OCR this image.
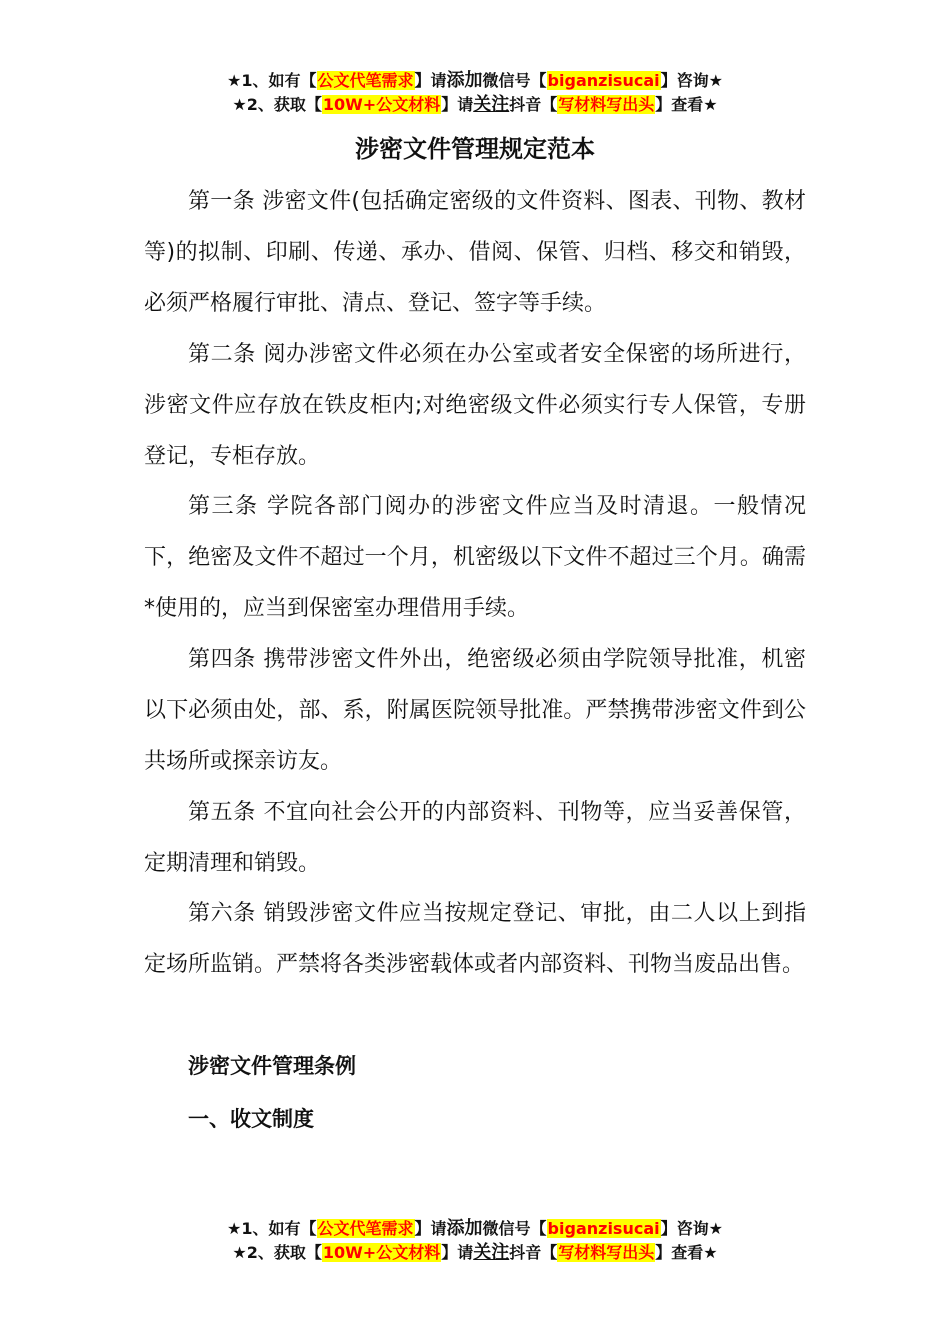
★1、如有【公文代笔需求】请添加微信号【biganzisucai】咨询★
★2、获取【10W+公文材料】请关注抖音【写材料写出头】查看★
涉密文件管理规定范本

第一条 涉密文件(包括确定密级的文件资料、图表、刊物、教材等)的拟制、印刷、传递、承办、借阅、保管、归档、移交和销毁，必须严格履行审批、清点、登记、签字等手续。

第二条 阅办涉密文件必须在办公室或者安全保密的场所进行，涉密文件应存放在铁皮柜内;对绝密级文件必须实行专人保管，专册登记，专柜存放。

第三条 学院各部门阅办的涉密文件应当及时清退。一般情况下，绝密及文件不超过一个月，机密级以下文件不超过三个月。确需*使用的，应当到保密室办理借用手续。

第四条 携带涉密文件外出，绝密级必须由学院领导批准，机密以下必须由处，部、系，附属医院领导批准。严禁携带涉密文件到公共场所或探亲访友。

第五条 不宜向社会公开的内部资料、刊物等，应当妥善保管，定期清理和销毁。

第六条 销毁涉密文件应当按规定登记、审批，由二人以上到指定场所监销。严禁将各类涉密载体或者内部资料、刊物当废品出售。

涉密文件管理条例
一、收文制度
★1、如有【公文代笔需求】请添加微信号【biganzisucai】咨询★
★2、获取【10W+公文材料】请关注抖音【写材料写出头】查看★
